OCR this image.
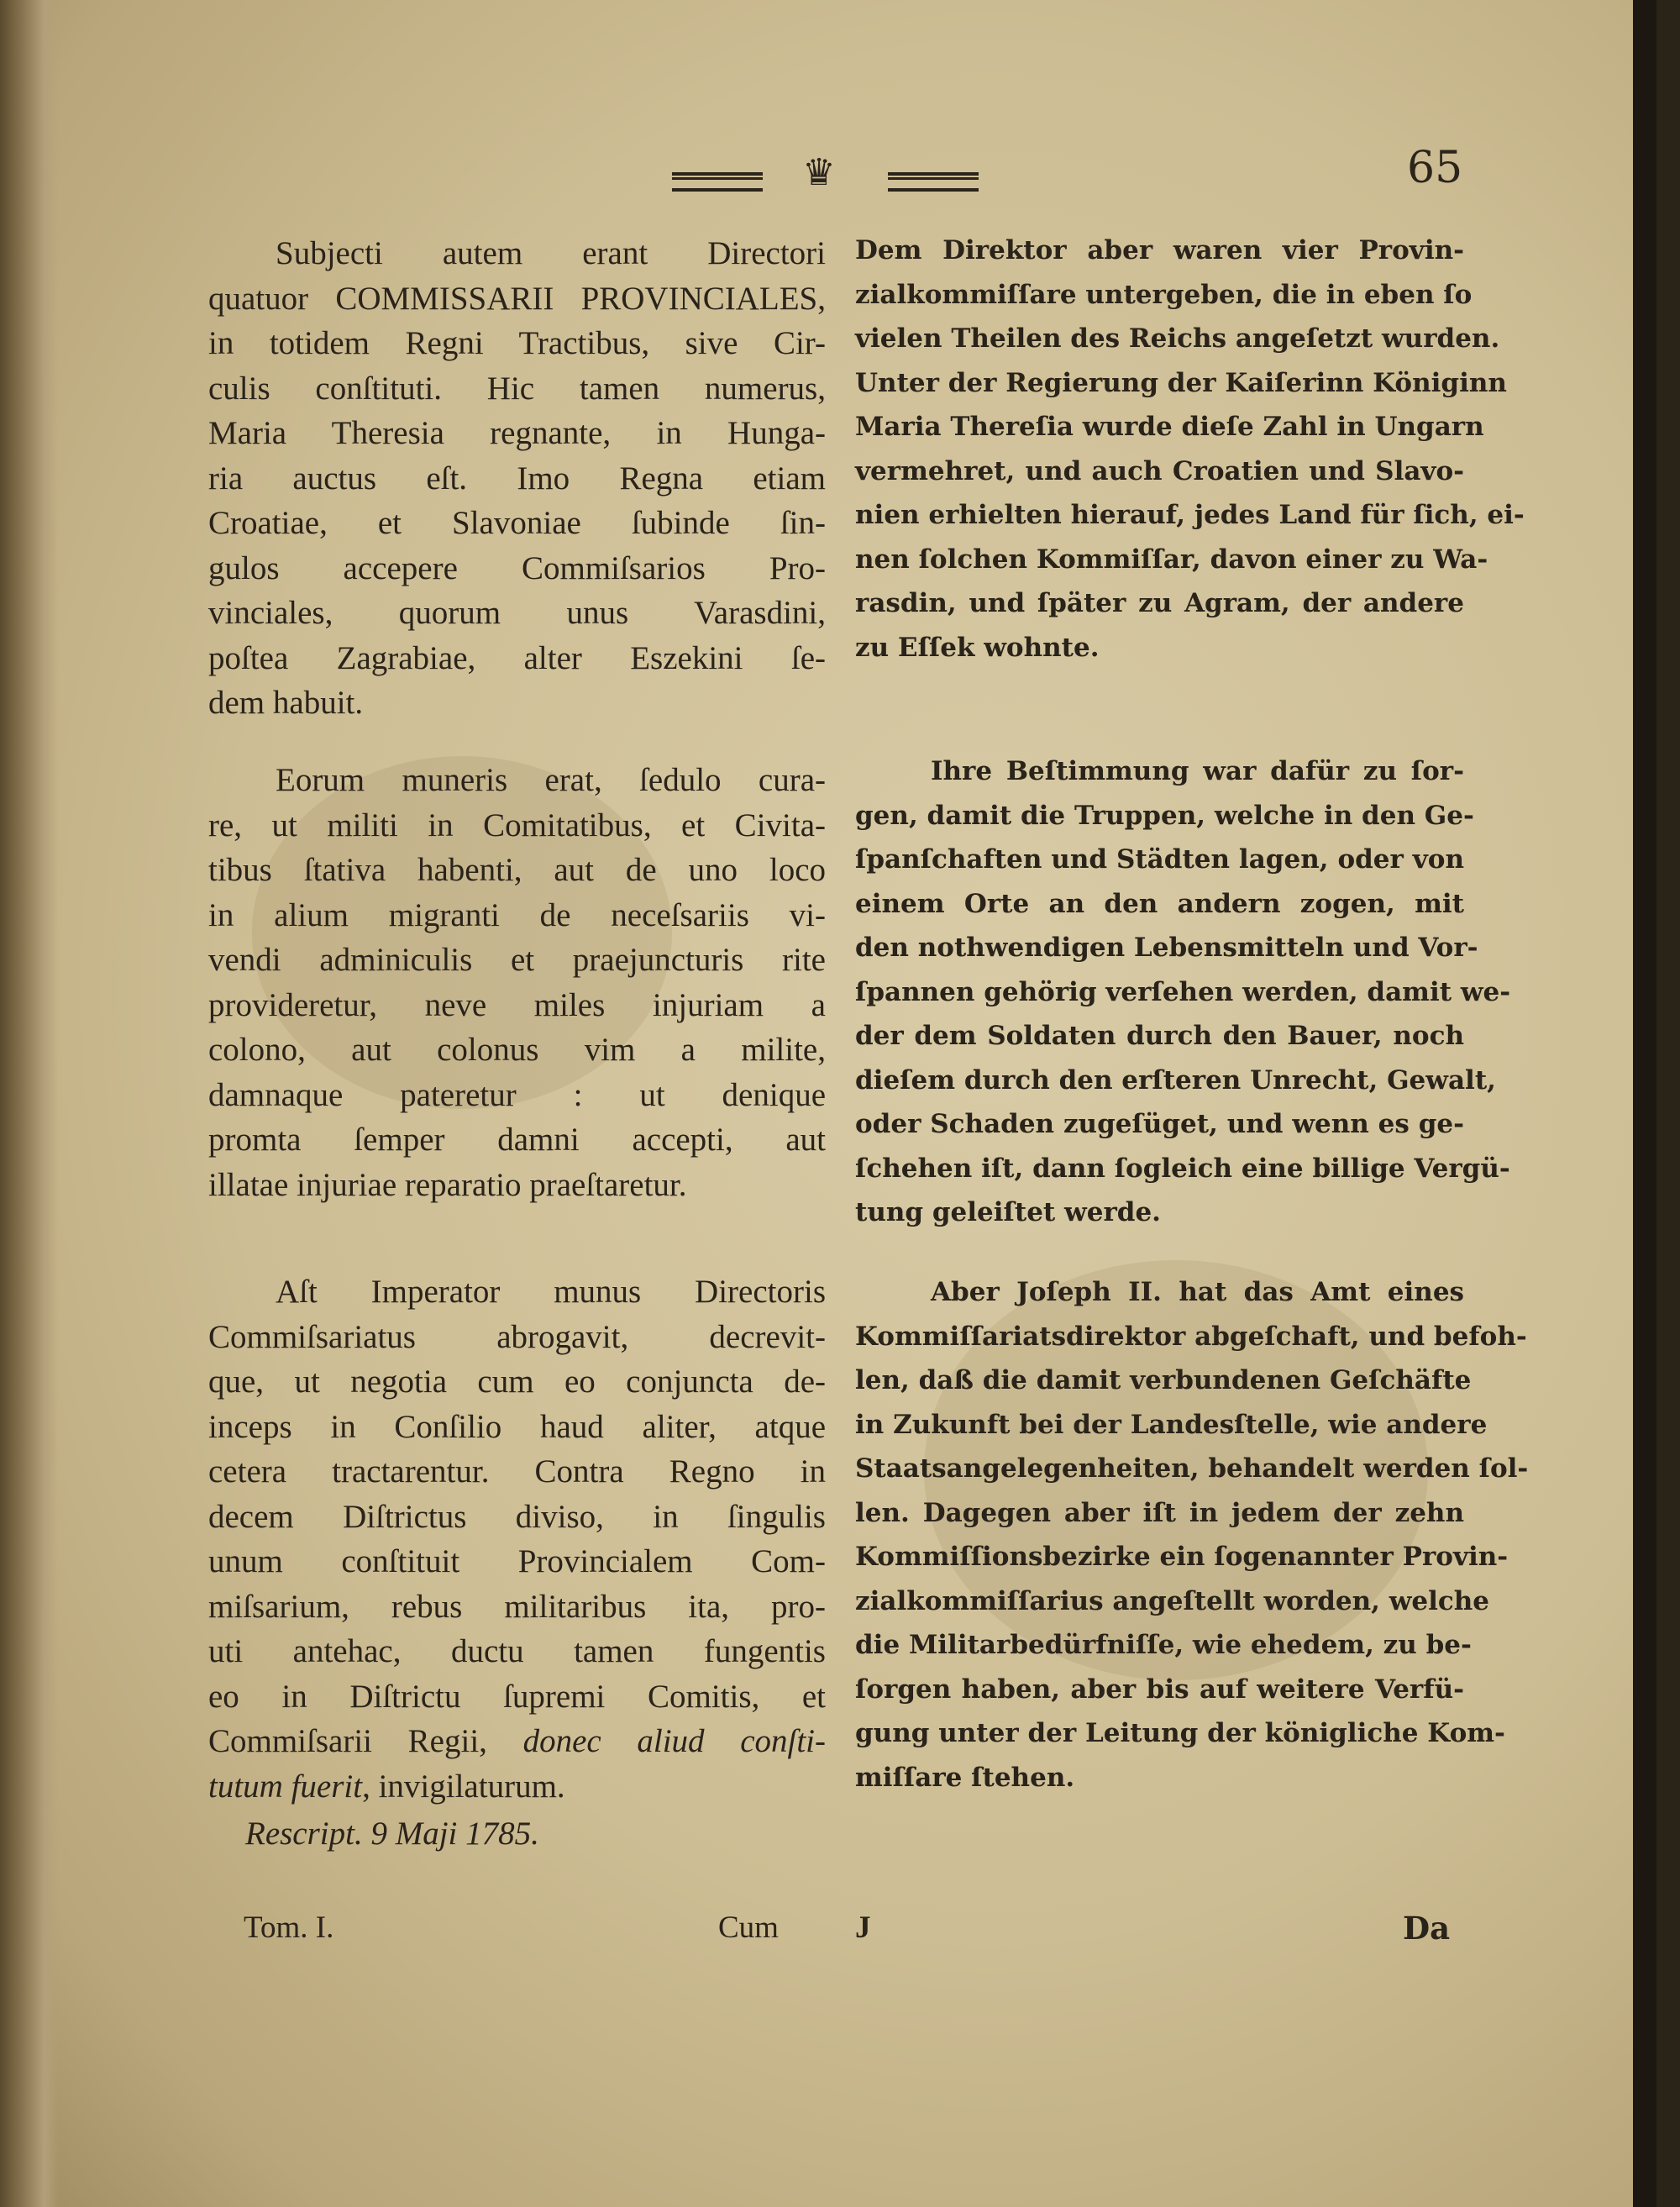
♛	65
Subjecti autem erant Directori
quatuor COMMISSARII PROVINCIALES,
in totidem Regni Tractibus, sive Cir-
culis conſtituti. Hic tamen numerus,
Maria Theresia regnante, in Hunga-
ria auctus eſt. Imo Regna etiam
Croatiae, et Slavoniae ſubinde ſin-
gulos accepere Commiſsarios Pro-
vinciales, quorum unus Varasdini,
poſtea Zagrabiae, alter Eszekini ſe-
dem habuit.
Eorum muneris erat, ſedulo cura-
re, ut militi in Comitatibus, et Civita-
tibus ſtativa habenti, aut de uno loco
in alium migranti de neceſsariis vi-
vendi adminiculis et praejuncturis rite
provideretur, neve miles injuriam a
colono, aut colonus vim a milite,
damnaque pateretur : ut denique
promta ſemper damni accepti, aut
illatae injuriae reparatio praeſtaretur.
Aſt Imperator munus Directoris
Commiſsariatus abrogavit, decrevit-
que, ut negotia cum eo conjuncta de-
inceps in Conſilio haud aliter, atque
cetera tractarentur. Contra Regno in
decem Diſtrictus diviso, in ſingulis
unum conſtituit Provincialem Com-
miſsarium, rebus militaribus ita, pro-
uti antehac, ductu tamen fungentis
eo in Diſtrictu ſupremi Comitis, et
Commiſsarii Regii, donec aliud conſti-
tutum fuerit, invigilaturum.
Rescript. 9 Maji 1785.
Dem Direktor aber waren vier Provin-
zialkommiſſare untergeben, die in eben ſo
vielen Theilen des Reichs angeſetzt wurden.
Unter der Regierung der Kaiſerinn Königinn
Maria Thereſia wurde dieſe Zahl in Ungarn
vermehret, und auch Croatien und Slavo-
nien erhielten hierauf, jedes Land für ſich, ei-
nen ſolchen Kommiſſar, davon einer zu Wa-
rasdin, und ſpäter zu Agram, der andere
zu Eſſek wohnte.
Ihre Beſtimmung war dafür zu ſor-
gen, damit die Truppen, welche in den Ge-
ſpanſchaften und Städten lagen, oder von
einem Orte an den andern zogen, mit
den nothwendigen Lebensmitteln und Vor-
ſpannen gehörig verſehen werden, damit we-
der dem Soldaten durch den Bauer, noch
dieſem durch den erſteren Unrecht, Gewalt,
oder Schaden zugeſüget, und wenn es ge-
ſchehen iſt, dann ſogleich eine billige Vergü-
tung geleiſtet werde.
Aber Joſeph II. hat das Amt eines
Kommiſſariatsdirektor abgeſchaft, und befoh-
len, daß die damit verbundenen Geſchäfte
in Zukunft bei der Landesſtelle, wie andere
Staatsangelegenheiten, behandelt werden ſol-
len. Dagegen aber iſt in jedem der zehn
Kommiſſionsbezirke ein ſogenannter Provin-
zialkommiſſarius angeſtellt worden, welche
die Militarbedürfniſſe, wie ehedem, zu be-
ſorgen haben, aber bis auf weitere Verfü-
gung unter der Leitung der königliche Kom-
miſſare ſtehen.
Tom. I.	Cum J	Da
